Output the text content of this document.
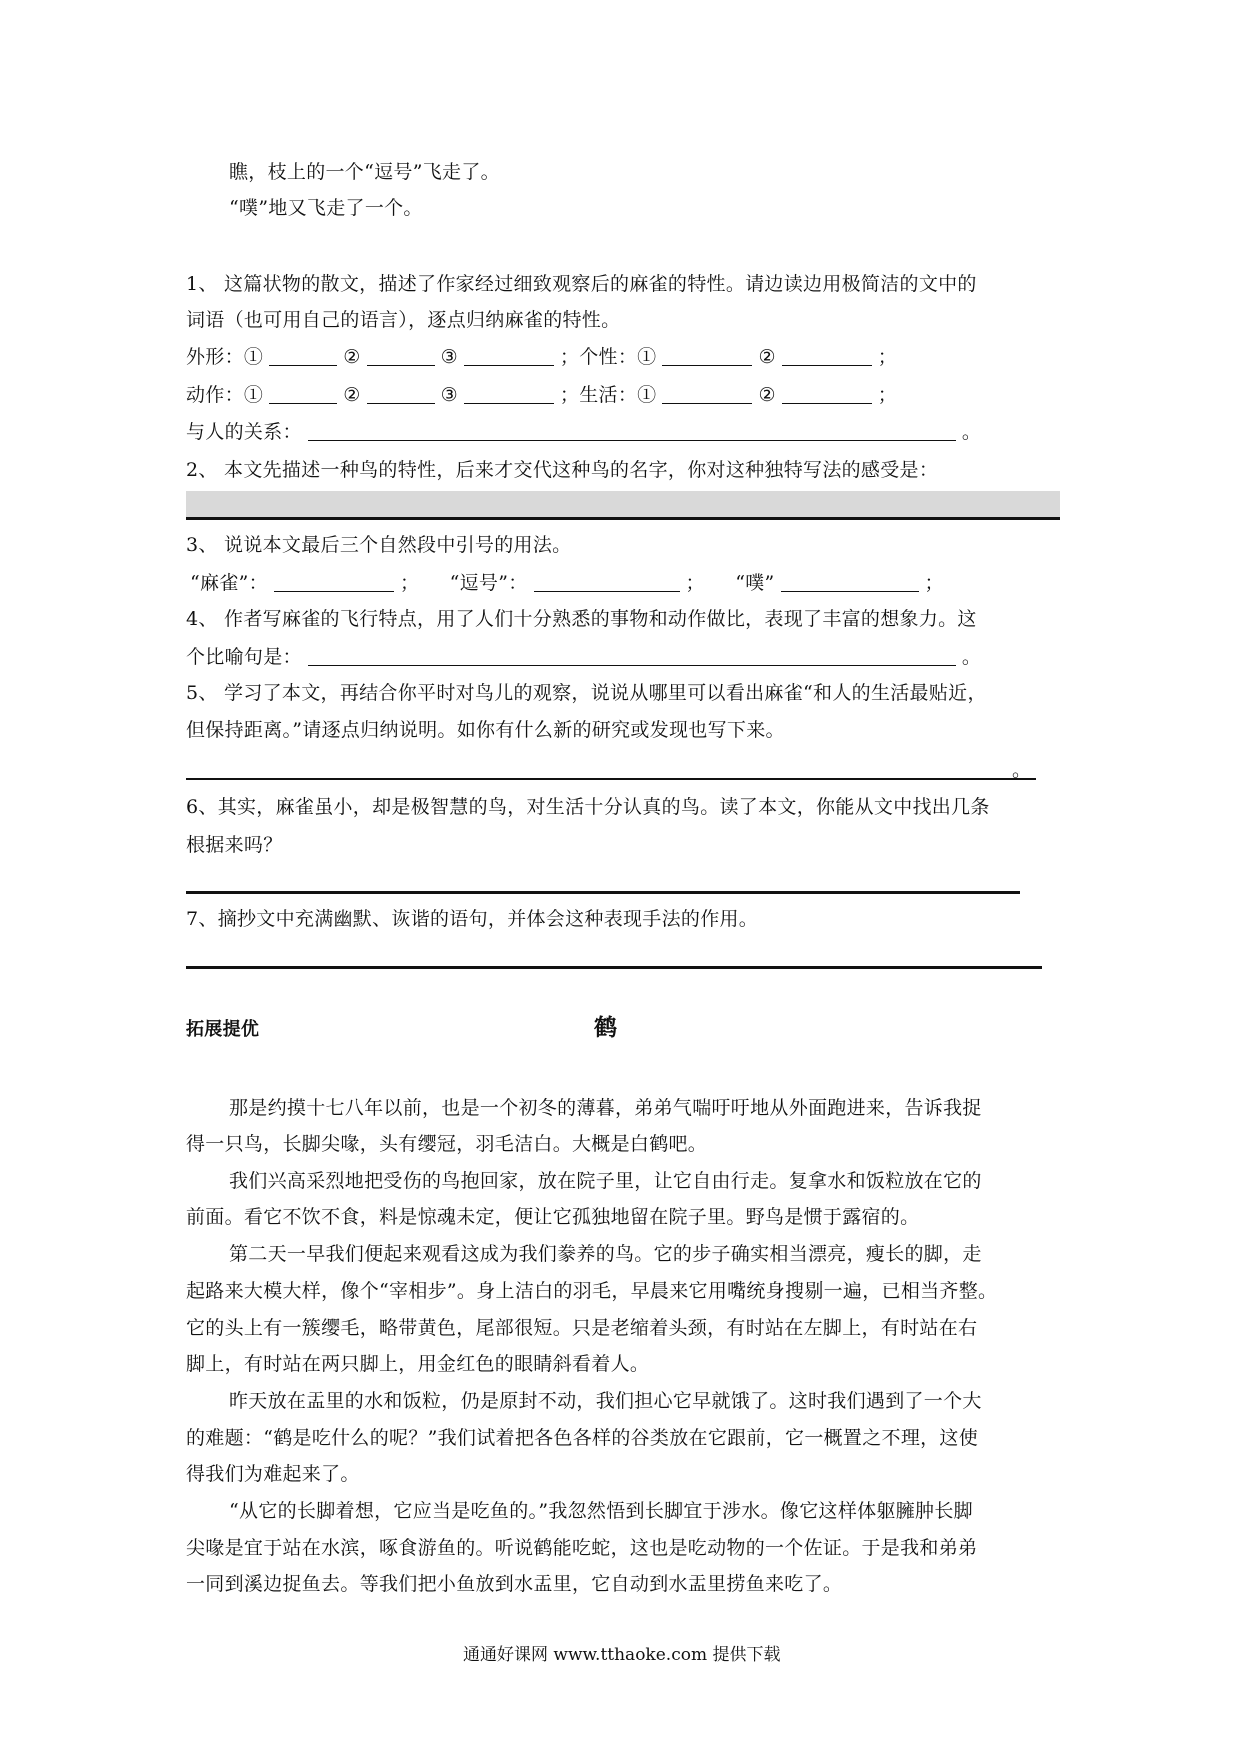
瞧，枝上的一个“逗号”飞走了。
“噗”地又飞走了一个。
1、 这篇状物的散文，描述了作家经过细致观察后的麻雀的特性。请边读边用极简洁的文中的
词语（也可用自己的语言），逐点归纳麻雀的特性。
外形：①	②	③	；个性：①	②	；
动作：①	②	③	；生活：①	②	；
与人的关系：	。
2、 本文先描述一种鸟的特性，后来才交代这种鸟的名字，你对这种独特写法的感受是：
3、 说说本文最后三个自然段中引号的用法。
“麻雀”：	； “逗号”：	； “噗”	；
4、 作者写麻雀的飞行特点，用了人们十分熟悉的事物和动作做比，表现了丰富的想象力。这
个比喻句是：	。
5、 学习了本文，再结合你平时对鸟儿的观察，说说从哪里可以看出麻雀“和人的生活最贴近，
但保持距离。”请逐点归纳说明。如你有什么新的研究或发现也写下来。
。
6、其实，麻雀虽小，却是极智慧的鸟，对生活十分认真的鸟。读了本文，你能从文中找出几条
根据来吗？
7、摘抄文中充满幽默、诙谐的语句，并体会这种表现手法的作用。
拓展提优	鹤
那是约摸十七八年以前，也是一个初冬的薄暮，弟弟气喘吁吁地从外面跑进来，告诉我捉
得一只鸟，长脚尖喙，头有缨冠，羽毛洁白。大概是白鹤吧。
我们兴高采烈地把受伤的鸟抱回家，放在院子里，让它自由行走。复拿水和饭粒放在它的
前面。看它不饮不食，料是惊魂未定，便让它孤独地留在院子里。野鸟是惯于露宿的。
第二天一早我们便起来观看这成为我们豢养的鸟。它的步子确实相当漂亮，瘦长的脚，走
起路来大模大样，像个“宰相步”。身上洁白的羽毛，早晨来它用嘴统身搜剔一遍，已相当齐整。
它的头上有一簇缨毛，略带黄色，尾部很短。只是老缩着头颈，有时站在左脚上，有时站在右
脚上，有时站在两只脚上，用金红色的眼睛斜看着人。
昨天放在盂里的水和饭粒，仍是原封不动，我们担心它早就饿了。这时我们遇到了一个大
的难题：“鹤是吃什么的呢？”我们试着把各色各样的谷类放在它跟前，它一概置之不理，这使
得我们为难起来了。
“从它的长脚着想，它应当是吃鱼的。”我忽然悟到长脚宜于涉水。像它这样体躯臃肿长脚
尖喙是宜于站在水滨，啄食游鱼的。听说鹤能吃蛇，这也是吃动物的一个佐证。于是我和弟弟
一同到溪边捉鱼去。等我们把小鱼放到水盂里，它自动到水盂里捞鱼来吃了。
通通好课网 www.tthaoke.com 提供下载
